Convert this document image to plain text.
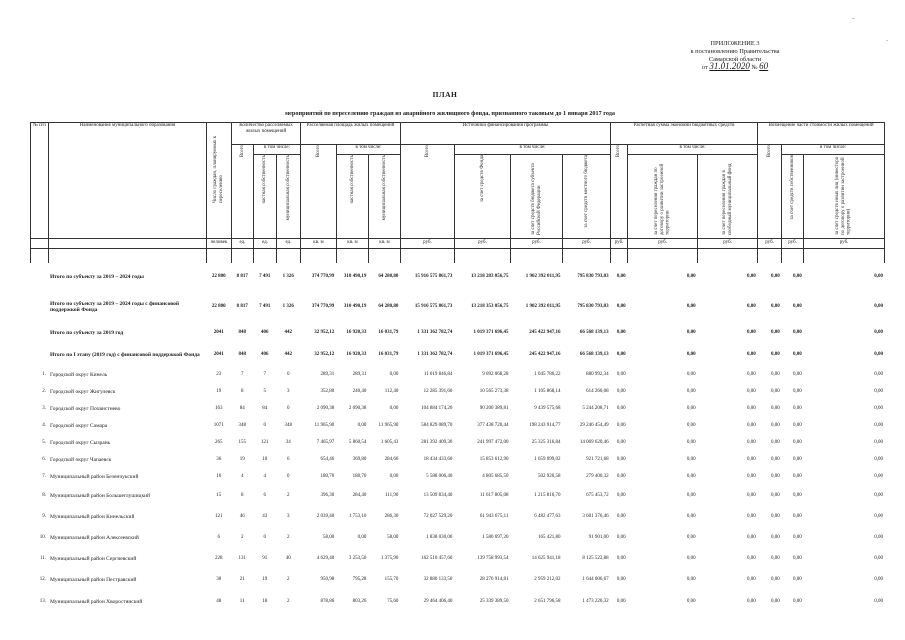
-
.
ПРИЛОЖЕНИЕ 3
к постановлению Правительства
Самарской области
от 31.01.2020 № 60
ПЛАН
мероприятий по переселению граждан из аварийного жилищного фонда, признанного таковым до 1 января 2017 года
№ п/п	Наименование муниципального образования	Число граждан, планируемых к переселению	Количество расселяемых жилых помещений			Расселяемая площадь жилых помещений			Источники финансирования программы				Расчетная сумма экономии бюджетных средств			Возмещение части стоимости жилых помещений		
			Всего	в том числе:		Всего	в том числе:		Всего	в том числе:			Всего	в том числе:		Всего	в том числе:	
				частная собственность	муниципальная собственность		частная собственность	муниципальная собственность		за счет средств Фонда	за счет средств бюджета субъекта Российской Федерации	за счет средств местного бюджета		за счет переселения граждан по договору о развитии застроенной территории	за счет переселения граждан в свободный муниципальный фонд		за счет средств собственников	за счет средств иных лиц (инвестора по договору о развитии застроенной территории)
		человек	ед.	ед.	ед.	кв. м	кв. м	кв. м	руб.	руб.	руб.	руб.	руб.	руб.	руб.	руб.	руб.	руб.

	Итого по субъекту за 2019 – 2024 годы	22 800	8 817	7 491	1 326	374 770,99	310 490,19	64 280,80	15 916 575 861,73	13 218 283 056,75	1 902 392 011,95	795 830 793,03	0,00	0,00	0,00	0,00	0,00	0,00
	Итого по субъекту за 2019 – 2024 годы с финансовой поддержкой Фонда	22 800	8 817	7 491	1 326	374 770,99	310 490,19	64 280,80	15 916 575 861,73	13 218 353 056,75	1 902 392 011,95	795 830 793,03	0,00	0,00	0,00	0,00	0,00	0,00
	Итого по субъекту за 2019 год	2041	848	406	442	32 952,12	16 920,33	16 031,79	1 331 362 782,74	1 019 371 696,45	245 422 947,16	66 568 139,13	0,00	0,00	0,00	0,00	0,00	0,00
	Итого по I этапу (2019 год) с финансовой поддержкой Фонда	2041	848	406	442	32 952,12	16 920,33	16 031,79	1 331 362 782,74	1 019 371 696,45	245 422 947,16	66 568 139,13	0,00	0,00	0,00	0,00	0,00	0,00
1.	Городской округ Кинель	23	7	7	0	289,31	289,31	0,00	11 019 846,84	9 092 068,28	1 045 786,22	880 992,34	0,00	0,00	0,00	0,00	0,00	0,00
2.	Городской округ Жигулевск	19	8	5	3	352,80	240,40	112,40	12 285 391,60	10 565 273,38	1 105 868,14	614 260,08	0,00	0,00	0,00	0,00	0,00	0,00
3.	Городской округ Похвистнево	163	84	84	0	2 090,38	2 090,38	0,00	104 884 174,20	90 200 389,81	9 439 575,68	5 244 208,71	0,00	0,00	0,00	0,00	0,00	0,00
4.	Городской округ Самара	1071	348	0	348	11 965,90	0,00	11 965,90	584 829 089,70	377 438 720,44	198 243 914,77	29 246 454,49	0,00	0,00	0,00	0,00	0,00	0,00
5.	Городской округ Сызрань	265	155	121	34	7 465,97	5 860,54	1 605,43	281 392 409,30	241 997 472,00	25 325 316,84	14 069 620,46	0,00	0,00	0,00	0,00	0,00	0,00
6.	Городской округ Чапаевск	36	19	10	6	654,46	369,80	284,66	18 434 433,60	15 853 612,90	1 659 099,02	921 721,68	0,00	0,00	0,00	0,00	0,00	0,00
7.	Муниципальный район Безенчукский	16	4	4	0	180,70	180,70	0,00	5 588 006,40	4 805 685,50	502 920,58	279 400,32	0,00	0,00	0,00	0,00	0,00	0,00
8.	Муниципальный район Большеглушицкий	15	8	6	2	396,30	284,40	111,90	13 509 834,40	11 617 805,08	1 215 816,70	675 453,72	0,00	0,00	0,00	0,00	0,00	0,00
9.	Муниципальный район Кинельский	121	46	43	3	2 039,40	1 753,10	286,30	72 027 529,20	61 943 675,11	6 482 477,63	3 601 376,46	0,00	0,00	0,00	0,00	0,00	0,00
10.	Муниципальный район Алексеевский	6	2	0	2	58,00	0,00	58,00	1 838 030,00	1 580 697,20	165 421,80	91 901,00	0,00	0,00	0,00	0,00	0,00	0,00
11.	Муниципальный район Сергиевский	228	131	91	40	4 629,40	3 253,50	1 375,90	162 510 457,60	139 758 993,54	14 625 941,18	8 125 522,88	0,00	0,00	0,00	0,00	0,00	0,00
12.	Муниципальный район Пестравский	30	21	19	2	950,98	795,28	155,70	32 880 133,50	28 276 914,81	2 959 212,02	1 644 006,67	0,00	0,00	0,00	0,00	0,00	0,00
13.	Муниципальный район Хворостянский	48	11	18	2	878,86	803,26	75,60	29 464 406,40	25 339 389,50	2 651 796,58	1 473 220,32	0,00	0,00	0,00	0,00	0,00	0,00
